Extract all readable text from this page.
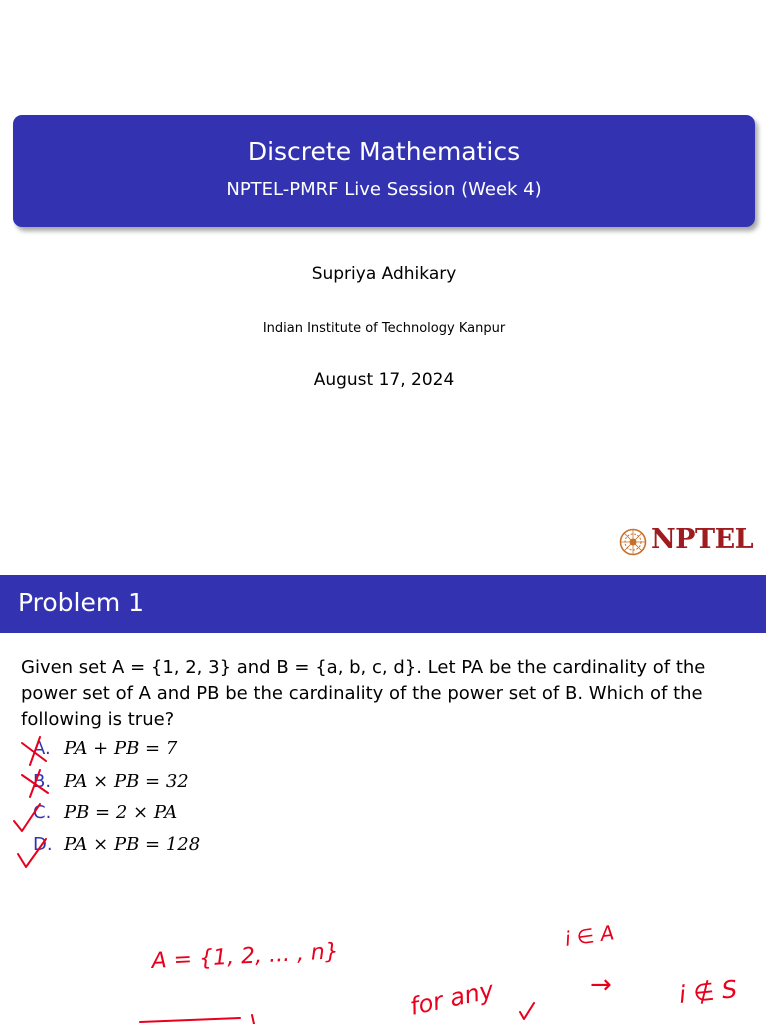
Discrete Mathematics
NPTEL-PMRF Live Session (Week 4)
Supriya Adhikary
Indian Institute of Technology Kanpur
August 17, 2024
NPTEL
Problem 1
Given set A = {1, 2, 3} and B = {a, b, c, d}. Let PA be the cardinality of the
power set of A and PB be the cardinality of the power set of B. Which of the
following is true?
A. PA + PB = 7
B. PA × PB = 32
C. PB = 2 × PA
D. PA × PB = 128
A = {1, 2, ... , n}
i ∈ A
for any	→	i ∉ S
